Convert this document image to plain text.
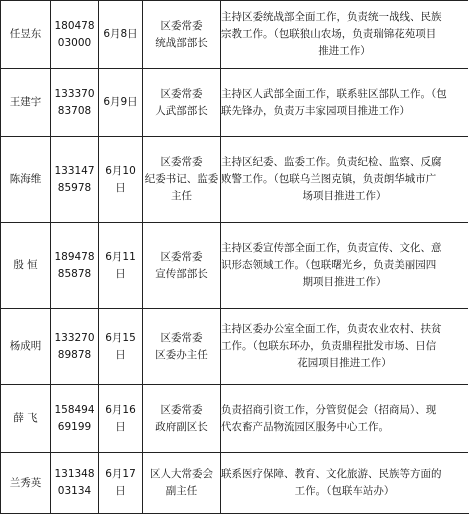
任昱东	180478
03000	6月8日	区委常委
统战部部长	主持区委统战部全面工作，负责统一战线、民族
宗教工作。（包联狼山农场，负责瑞锦花苑项目
推进工作）

王建宇	133370
83708	6月9日	区委常委
人武部部长	主持区人武部全面工作，联系驻区部队工作。（包
联先锋办，负责万丰家园项目推进工作）

陈海维	133147
85978	6月10
日	区委常委
纪委书记、监委
主任	主持区纪委、监委工作。负责纪检、监察、反腐
败警工作。（包联乌兰图克镇，负责朗华城市广
场项目推进工作）

殷 恒	189478
85878	6月11
日	区委常委
宣传部部长	主持区委宣传部全面工作，负责宣传、文化、意
识形态领域工作。（包联曙光乡，负责美丽园四
期项目推进工作）

杨成明	133270
89878	6月15
日	区委常委
区委办主任	主持区委办公室全面工作，负责农业农村、扶贫
工作。（包联东环办，负责鼎程批发市场、日信
花园项目推进工作）

薛 飞	158494
69199	6月16
日	区委常委
政府副区长	负责招商引资工作，分管贸促会（招商局）、现
代农畜产品物流园区服务中心工作。

兰秀英	131348
03134	6月17
日	区人大常委会
副主任	联系医疗保障、教育、文化旅游、民族等方面的
工作。（包联车站办）
